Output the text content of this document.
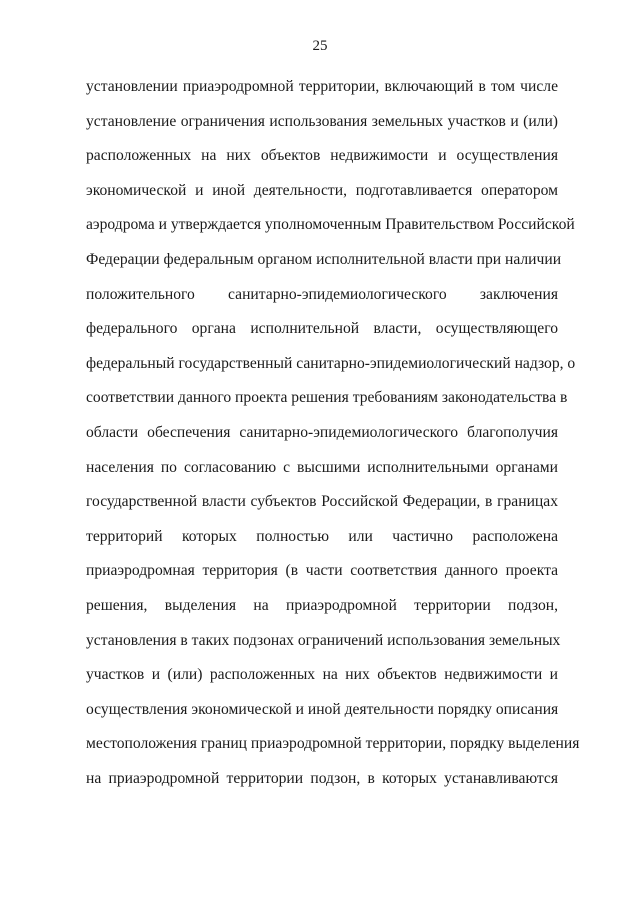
25
установлении приаэродромной территории, включающий в том числе
установление ограничения использования земельных участков и (или)
расположенных на них объектов недвижимости и осуществления
экономической и иной деятельности, подготавливается оператором
аэродрома и утверждается уполномоченным Правительством Российской
Федерации федеральным органом исполнительной власти при наличии
положительного санитарно-эпидемиологического заключения
федерального органа исполнительной власти, осуществляющего
федеральный государственный санитарно-эпидемиологический надзор, о
соответствии данного проекта решения требованиям законодательства в
области обеспечения санитарно-эпидемиологического благополучия
населения по согласованию с высшими исполнительными органами
государственной власти субъектов Российской Федерации, в границах
территорий которых полностью или частично расположена
приаэродромная территория (в части соответствия данного проекта
решения, выделения на приаэродромной территории подзон,
установления в таких подзонах ограничений использования земельных
участков и (или) расположенных на них объектов недвижимости и
осуществления экономической и иной деятельности порядку описания
местоположения границ приаэродромной территории, порядку выделения
на приаэродромной территории подзон, в которых устанавливаются
